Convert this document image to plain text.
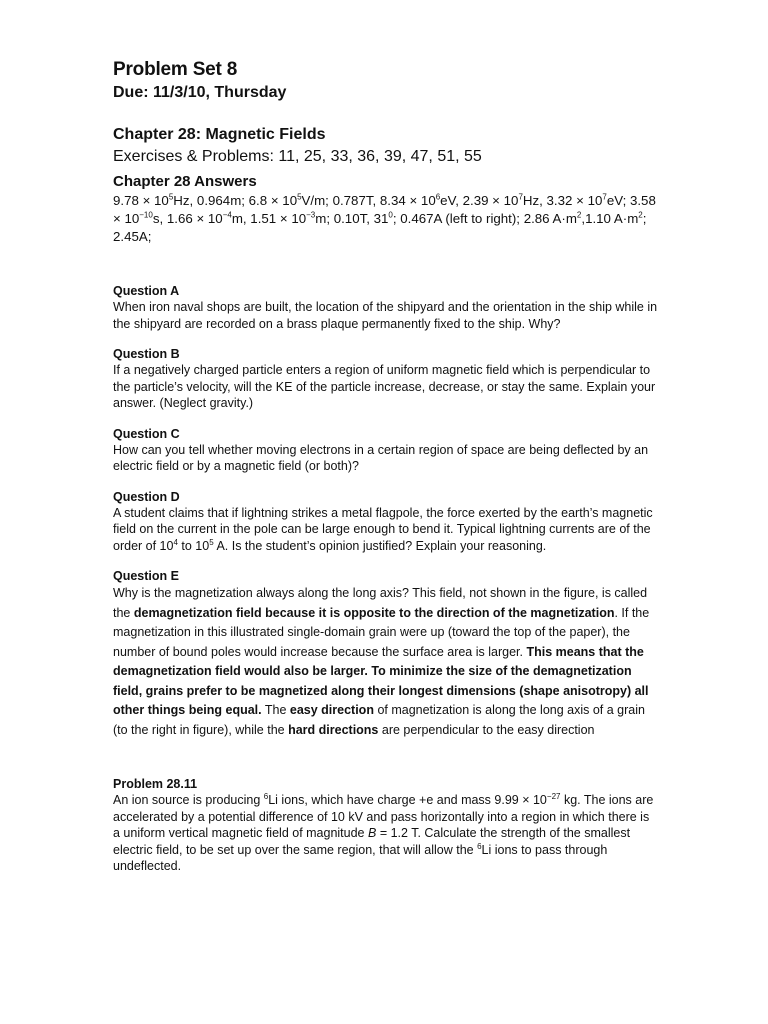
Problem Set 8

Due: 11/3/10, Thursday

Chapter 28: Magnetic Fields

Exercises & Problems: 11, 25, 33, 36, 39, 47, 51, 55

Chapter 28 Answers

$9.78 \times 10^5Hz$, 0.964m; $6.8 \times 10^5V/m$; 0.787T, $8.34 \times 10^6eV$, $2.39 \times 10^7Hz$, $3.32 \times 10^7eV$; $3.58 \times 10^{-10}s$, $1.66 \times 10^{-4}m$, $1.51 \times 10^{-3}m$; 0.10T, $31^0$; 0.467A (left to right); 2.86 $A\cdot m^2,1.10$ $A\cdot m^2$; 2.45A;

Question A

When iron naval shops are built, the location of the shipyard and the orientation in the ship while in the shipyard are recorded on a brass plaque permanently fixed to the ship. Why?

Question B

If a negatively charged particle enters a region of uniform magnetic field which is perpendicular to the particle’s velocity, will the KE of the particle increase, decrease, or stay the same. Explain your answer. (Neglect gravity.)

Question C

How can you tell whether moving electrons in a certain region of space are being deflected by an electric field or by a magnetic field (or both)?

Question D

A student claims that if lightning strikes a metal flagpole, the force exerted by the earth’s magnetic field on the current in the pole can be large enough to bend it. Typical lightning currents are of the order of $10^4$ to $10^5$ A. Is the student’s opinion justified? Explain your reasoning.

Question E

Why is the magnetization always along the long axis? This field, not shown in the figure, is called the demagnetization field because it is opposite to the direction of the magnetization. If the magnetization in this illustrated single-domain grain were up (toward the top of the paper), the number of bound poles would increase because the surface area is larger. This means that the demagnetization field would also be larger. To minimize the size of the demagnetization field, grains prefer to be magnetized along their longest dimensions (shape anisotropy) all other things being equal. The easy direction of magnetization is along the long axis of a grain (to the right in figure), while the hard directions are perpendicular to the easy direction

Problem 28.11

An ion source is producing $^6$Li ions, which have charge +e and mass $9.99 \times 10^{-27}$ kg. The ions are accelerated by a potential difference of 10 kV and pass horizontally into a region in which there is a uniform vertical magnetic field of magnitude B = 1.2 T. Calculate the strength of the smallest electric field, to be set up over the same region, that will allow the $^6$Li ions to pass through undeflected.
